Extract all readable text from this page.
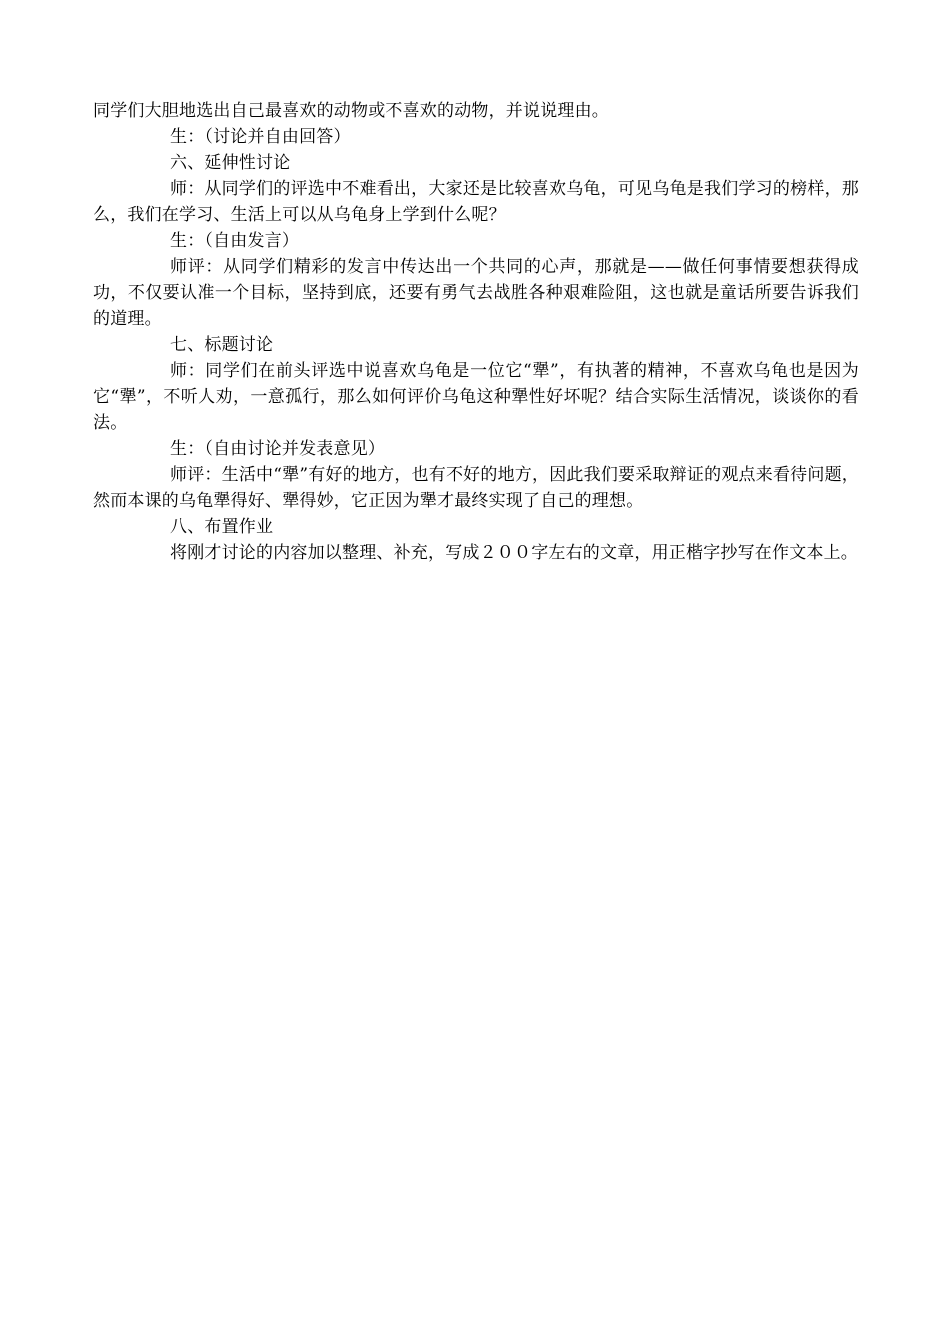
同学们大胆地选出自己最喜欢的动物或不喜欢的动物，并说说理由。

生：（讨论并自由回答）

六、延伸性讨论

师：从同学们的评选中不难看出，大家还是比较喜欢乌龟，可见乌龟是我们学习的榜样，那么，我们在学习、生活上可以从乌龟身上学到什么呢？

生：（自由发言）

师评：从同学们精彩的发言中传达出一个共同的心声，那就是——做任何事情要想获得成功，不仅要认准一个目标，坚持到底，还要有勇气去战胜各种艰难险阻，这也就是童话所要告诉我们的道理。

七、标题讨论

师：同学们在前头评选中说喜欢乌龟是一位它“犟”，有执著的精神，不喜欢乌龟也是因为它“犟”，不听人劝，一意孤行，那么如何评价乌龟这种犟性好坏呢？结合实际生活情况，谈谈你的看法。

生：（自由讨论并发表意见）

师评：生活中“犟”有好的地方，也有不好的地方，因此我们要采取辩证的观点来看待问题，然而本课的乌龟犟得好、犟得妙，它正因为犟才最终实现了自己的理想。

八、布置作业

将刚才讨论的内容加以整理、补充，写成２００字左右的文章，用正楷字抄写在作文本上。
